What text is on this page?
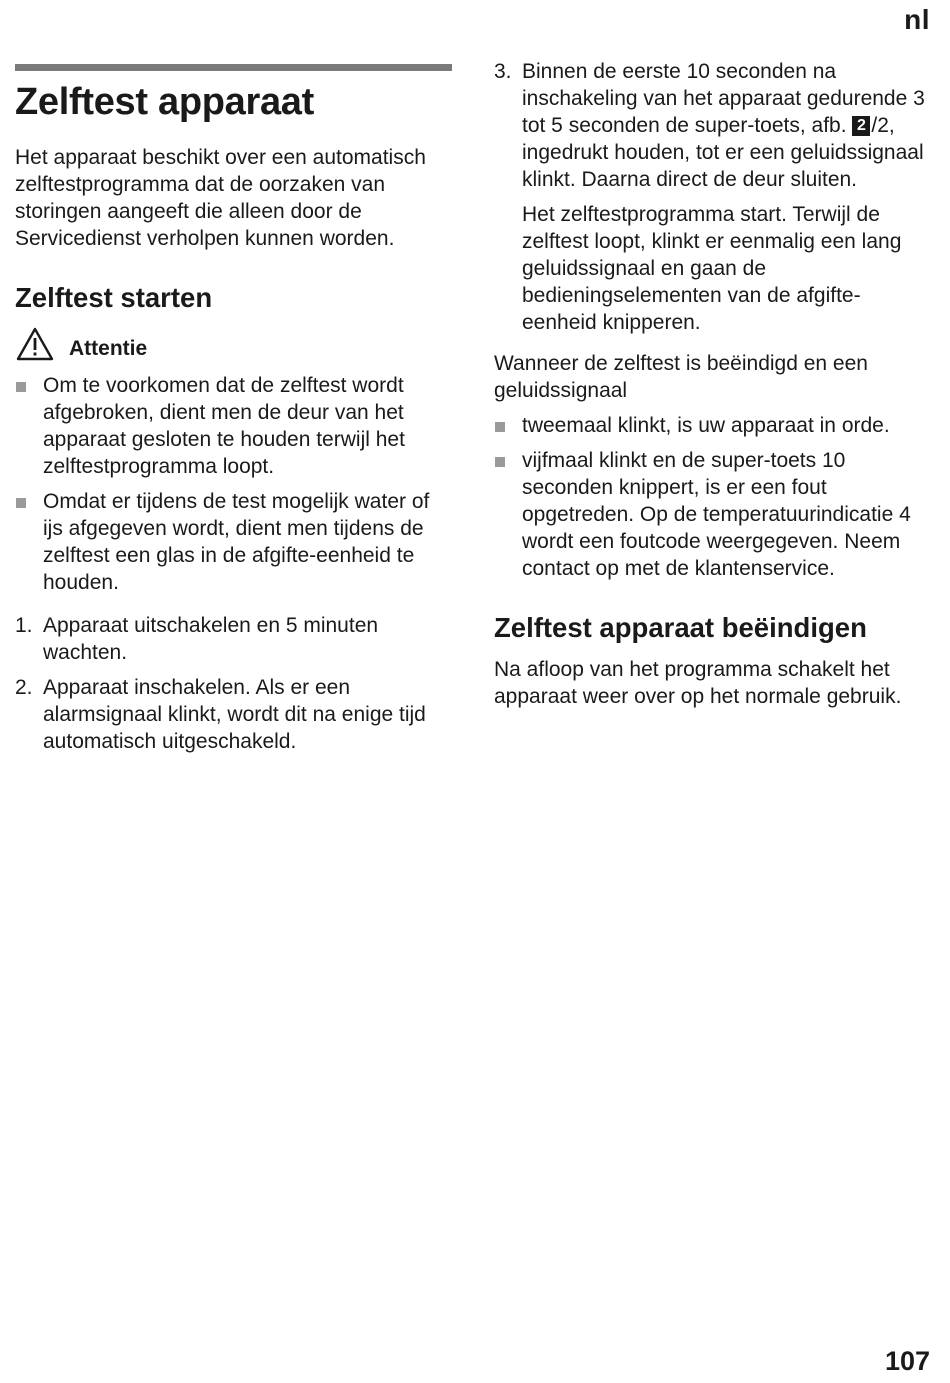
nl
Zelftest apparaat

Het apparaat beschikt over een automatisch zelftestprogramma dat de oorzaken van storingen aangeeft die alleen door de Servicedienst verholpen kunnen worden.

Zelftest starten
Attentie
Om te voorkomen dat de zelftest wordt afgebroken, dient men de deur van het apparaat gesloten te houden terwijl het zelftestprogramma loopt.
Omdat er tijdens de test mogelijk water of ijs afgegeven wordt, dient men tijdens de zelftest een glas in de afgifte-eenheid te houden.
1. Apparaat uitschakelen en 5 minuten wachten.
2. Apparaat inschakelen. Als er een alarmsignaal klinkt, wordt dit na enige tijd automatisch uitgeschakeld.
3. Binnen de eerste 10 seconden na inschakeling van het apparaat gedurende 3 tot 5 seconden de super-toets, afb. 2 /2, ingedrukt houden, tot er een geluidssignaal klinkt. Daarna direct de deur sluiten.
Het zelftestprogramma start. Terwijl de zelftest loopt, klinkt er eenmalig een lang geluidssignaal en gaan de bedieningselementen van de afgifte-eenheid knipperen.

Wanneer de zelftest is beëindigd en een geluidssignaal

tweemaal klinkt, is uw apparaat in orde.
vijfmaal klinkt en de super-toets 10 seconden knippert, is er een fout opgetreden. Op de temperatuurindicatie 4 wordt een foutcode weergegeven. Neem contact op met de klantenservice.
Zelftest apparaat beëindigen

Na afloop van het programma schakelt het apparaat weer over op het normale gebruik.

107
